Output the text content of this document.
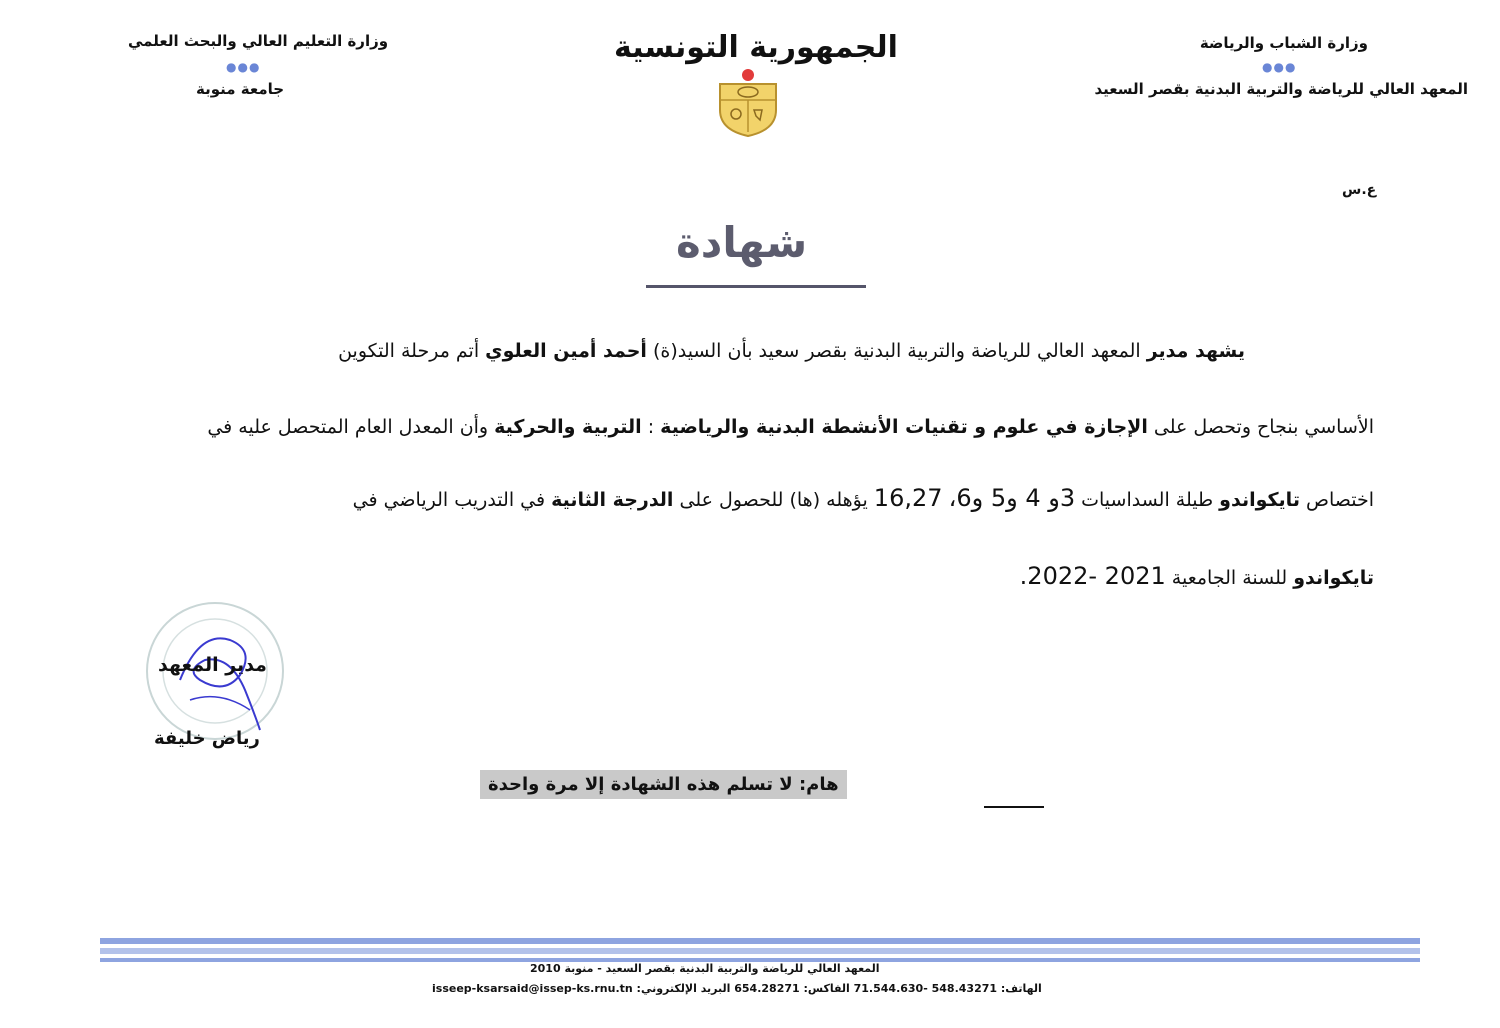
وزارة الشباب والرياضة
●●●
المعهد العالي للرياضة والتربية البدنية بقصر السعيد
وزارة التعليم العالي والبحث العلمي
●●●
جامعة منوبة
الجمهورية التونسية
ع.س
شهادة
يشهد مدير المعهد العالي للرياضة والتربية البدنية بقصر سعيد بأن السيد(ة) أحمد أمين العلوي أتم مرحلة التكوين
الأساسي بنجاح وتحصل على الإجازة في علوم و تقنيات الأنشطة البدنية والرياضية : التربية والحركية وأن المعدل العام المتحصل عليه في
اختصاص تايكواندو طيلة السداسيات 3و 4 و5 و6، 16,27 يؤهله (ها) للحصول على الدرجة الثانية في التدريب الرياضي في
تايكواندو للسنة الجامعية 2021 -2022.
مدير المعهد
رياض خليفة
هام: لا تسلم هذه الشهادة إلا مرة واحدة
المعهد العالي للرياضة والتربية البدنية بقصر السعيد - منوبة 2010
الهاتف: 548.43271 -71.544.630 الفاكس: 654.28271 البريد الإلكتروني: isseep-ksarsaid@issep-ks.rnu.tn
